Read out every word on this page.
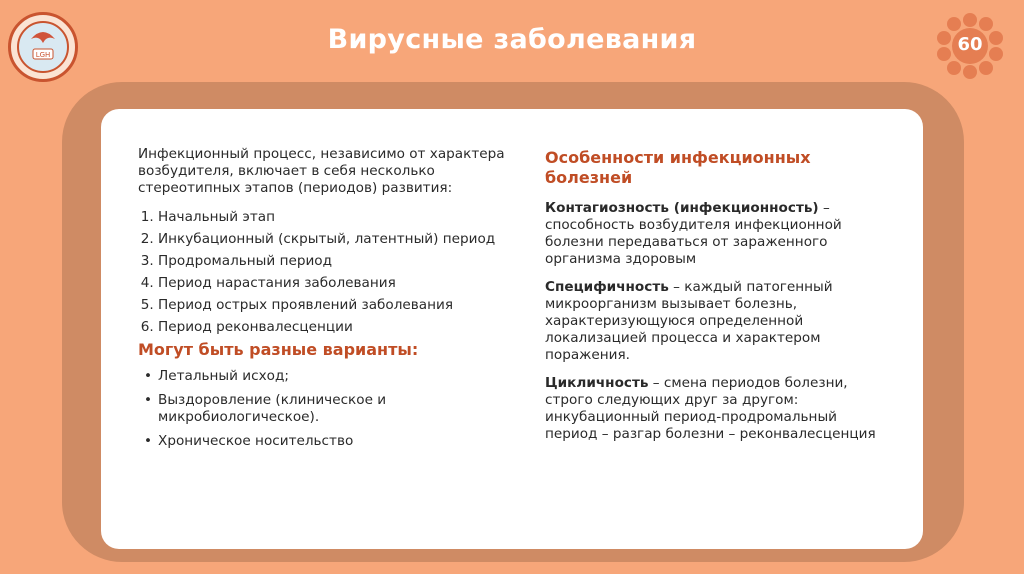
LGH	Вирусные заболевания	60

Инфекционный процесс, независимо от характера возбудителя, включает в себя несколько стереотипных этапов (периодов) развития:

1. Начальный этап
2. Инкубационный (скрытый, латентный) период
3. Продромальный период
4. Период нарастания заболевания
5. Период острых проявлений заболевания
6. Период реконвалесценции
Могут быть разные варианты:
• Летальный исход;
• Выздоровление (клиническое и микробиологическое).
• Хроническое носительство
Особенности инфекционных болезней

Контагиозность (инфекционность) – способность возбудителя инфекционной болезни передаваться от зараженного организма здоровым

Специфичность – каждый патогенный микроорганизм вызывает болезнь, характеризующуюся определенной локализацией процесса и характером поражения.

Цикличность – смена периодов болезни, строго следующих друг за другом: инкубационный период-продромальный период – разгар болезни – реконвалесценция
